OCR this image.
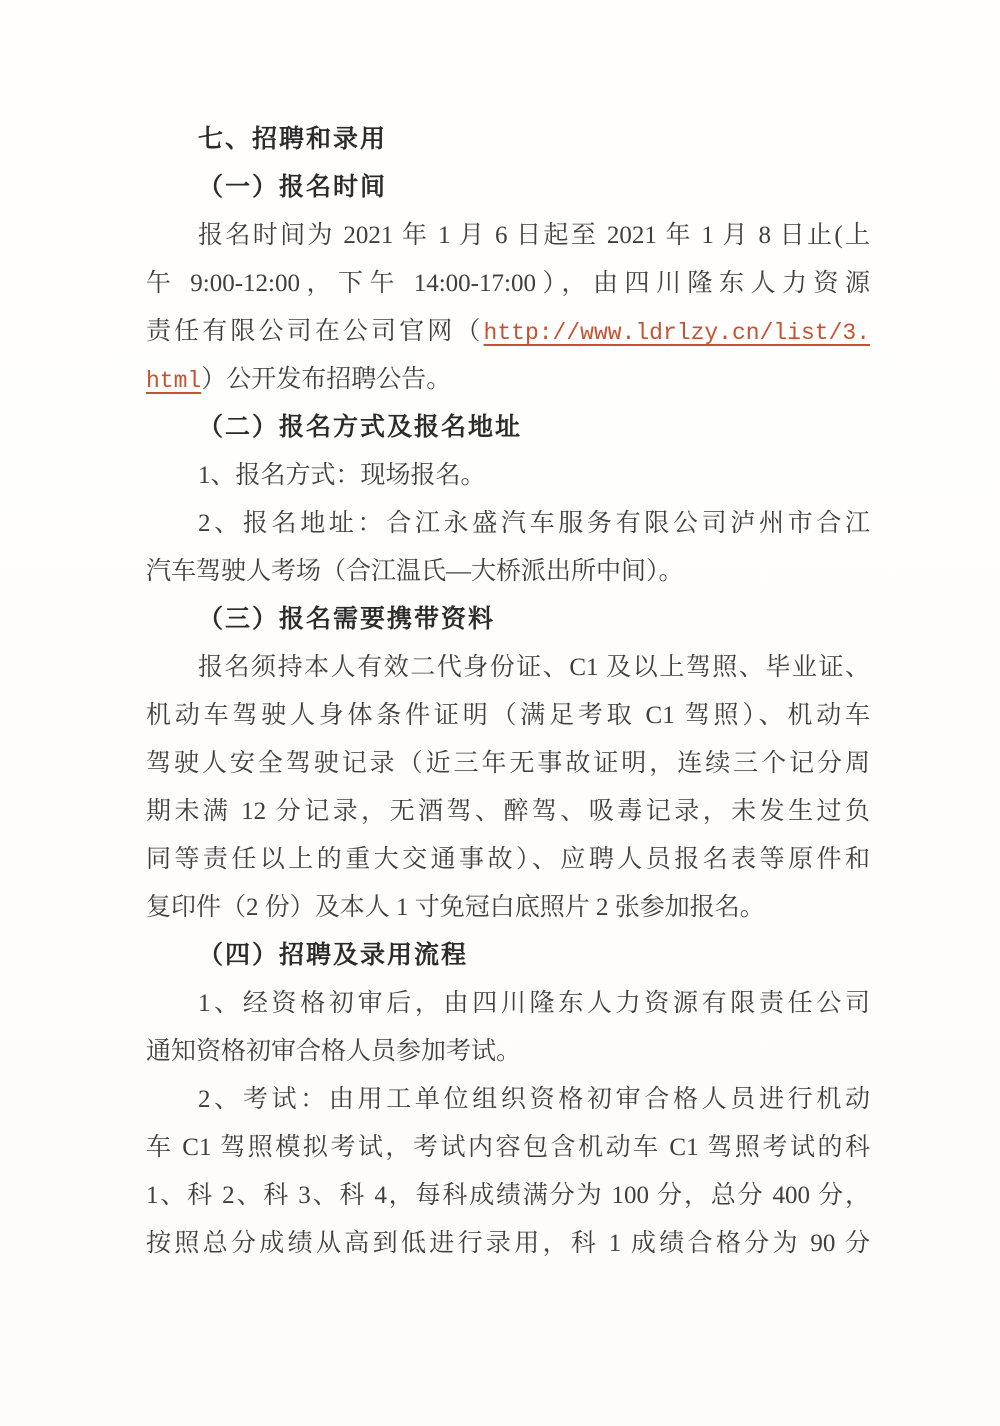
七、招聘和录用
（一）报名时间
报名时间为 2021 年 1 月 6 日起至 2021 年 1 月 8 日止(上
午 9:00-12:00，下午 14:00-17:00），由四川隆东人力资源
责任有限公司在公司官网（http://www.ldrlzy.cn/list/3.
html）公开发布招聘公告。
（二）报名方式及报名地址
1、报名方式：现场报名。
2、报名地址：合江永盛汽车服务有限公司泸州市合江
汽车驾驶人考场（合江温氏—大桥派出所中间）。
（三）报名需要携带资料
报名须持本人有效二代身份证、C1 及以上驾照、毕业证、
机动车驾驶人身体条件证明（满足考取 C1 驾照）、机动车
驾驶人安全驾驶记录（近三年无事故证明，连续三个记分周
期未满 12 分记录，无酒驾、醉驾、吸毒记录，未发生过负
同等责任以上的重大交通事故）、应聘人员报名表等原件和
复印件（2 份）及本人 1 寸免冠白底照片 2 张参加报名。
（四）招聘及录用流程
1、经资格初审后，由四川隆东人力资源有限责任公司
通知资格初审合格人员参加考试。
2、考试：由用工单位组织资格初审合格人员进行机动
车 C1 驾照模拟考试，考试内容包含机动车 C1 驾照考试的科
1、科 2、科 3、科 4，每科成绩满分为 100 分，总分 400 分，
按照总分成绩从高到低进行录用，科 1 成绩合格分为 90 分
